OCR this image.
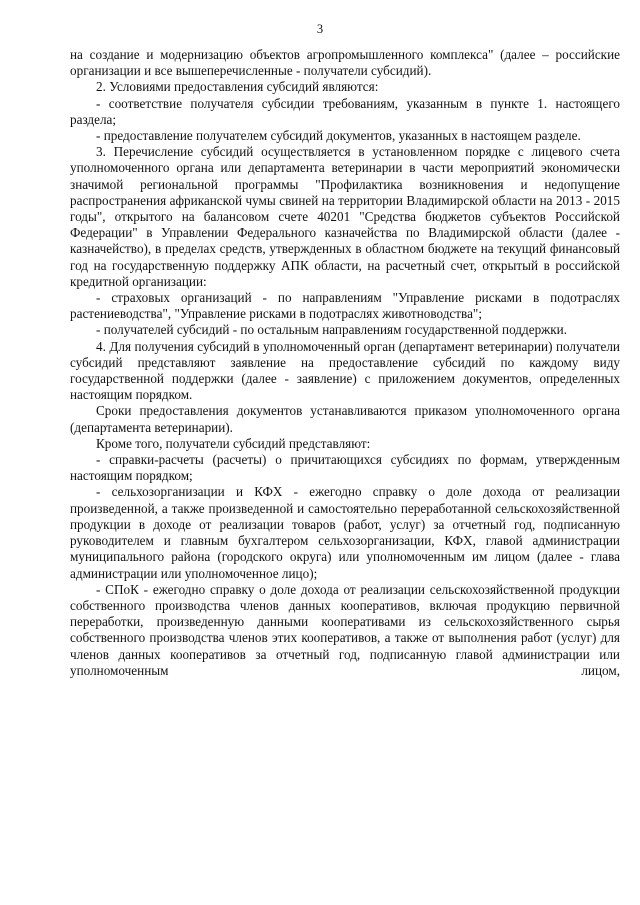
3

на создание и модернизацию объектов агропромышленного комплекса" (далее – российские организации и все вышеперечисленные - получатели субсидий).

2. Условиями предоставления субсидий являются:

- соответствие получателя субсидии требованиям, указанным в пункте 1. настоящего раздела;

- предоставление получателем субсидий документов, указанных в настоящем разделе.

3. Перечисление субсидий осуществляется в установленном порядке с лицевого счета уполномоченного органа или департамента ветеринарии в части мероприятий экономически значимой региональной программы "Профилактика возникновения и недопущение распространения африканской чумы свиней на территории Владимирской области на 2013 - 2015 годы", открытого на балансовом счете 40201 "Средства бюджетов субъектов Российской Федерации" в Управлении Федерального казначейства по Владимирской области (далее - казначейство), в пределах средств, утвержденных в областном бюджете на текущий финансовый год на государственную поддержку АПК области, на расчетный счет, открытый в российской кредитной организации:

- страховых организаций - по направлениям "Управление рисками в подотраслях растениеводства", "Управление рисками в подотраслях животноводства";

- получателей субсидий - по остальным направлениям государственной поддержки.

4. Для получения субсидий в уполномоченный орган (департамент ветеринарии) получатели субсидий представляют заявление на предоставление субсидий по каждому виду государственной поддержки (далее - заявление) с приложением документов, определенных настоящим порядком.

Сроки предоставления документов устанавливаются приказом уполномоченного органа (департамента ветеринарии).

Кроме того, получатели субсидий представляют:

- справки-расчеты (расчеты) о причитающихся субсидиях по формам, утвержденным настоящим порядком;

- сельхозорганизации и КФХ - ежегодно справку о доле дохода от реализации произведенной, а также произведенной и самостоятельно переработанной сельскохозяйственной продукции в доходе от реализации товаров (работ, услуг) за отчетный год, подписанную руководителем и главным бухгалтером сельхозорганизации, КФХ, главой администрации муниципального района (городского округа) или уполномоченным им лицом (далее - глава администрации или уполномоченное лицо);

- СПоК - ежегодно справку о доле дохода от реализации сельскохозяйственной продукции собственного производства членов данных кооперативов, включая продукцию первичной переработки, произведенную данными кооперативами из сельскохозяйственного сырья собственного производства членов этих кооперативов, а также от выполнения работ (услуг) для членов данных кооперативов за отчетный год, подписанную главой администрации или уполномоченным лицом,
